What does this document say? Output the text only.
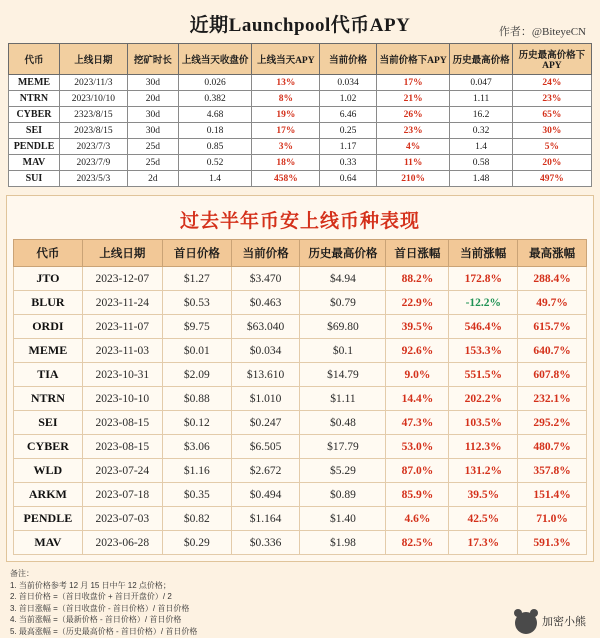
近期Launchpool代币APY	作者：@BiteyeCN
代币	上线日期	挖矿时长	上线当天收盘价	上线当天APY	当前价格	当前价格下APY	历史最高价格	历史最高价格下APY
MEME	2023/11/3	30d	0.026	13%	0.034	17%	0.047	24%
NTRN	2023/10/10	20d	0.382	8%	1.02	21%	1.11	23%
CYBER	2323/8/15	30d	4.68	19%	6.46	26%	16.2	65%
SEI	2023/8/15	30d	0.18	17%	0.25	23%	0.32	30%
PENDLE	2023/7/3	25d	0.85	3%	1.17	4%	1.4	5%
MAV	2023/7/9	25d	0.52	18%	0.33	11%	0.58	20%
SUI	2023/5/3	2d	1.4	458%	0.64	210%	1.48	497%
过去半年币安上线币种表现
代币	上线日期	首日价格	当前价格	历史最高价格	首日涨幅	当前涨幅	最高涨幅
JTO	2023-12-07	$1.27	$3.470	$4.94	88.2%	172.8%	288.4%
BLUR	2023-11-24	$0.53	$0.463	$0.79	22.9%	-12.2%	49.7%
ORDI	2023-11-07	$9.75	$63.040	$69.80	39.5%	546.4%	615.7%
MEME	2023-11-03	$0.01	$0.034	$0.1	92.6%	153.3%	640.7%
TIA	2023-10-31	$2.09	$13.610	$14.79	9.0%	551.5%	607.8%
NTRN	2023-10-10	$0.88	$1.010	$1.11	14.4%	202.2%	232.1%
SEI	2023-08-15	$0.12	$0.247	$0.48	47.3%	103.5%	295.2%
CYBER	2023-08-15	$3.06	$6.505	$17.79	53.0%	112.3%	480.7%
WLD	2023-07-24	$1.16	$2.672	$5.29	87.0%	131.2%	357.8%
ARKM	2023-07-18	$0.35	$0.494	$0.89	85.9%	39.5%	151.4%
PENDLE	2023-07-03	$0.82	$1.164	$1.40	4.6%	42.5%	71.0%
MAV	2023-06-28	$0.29	$0.336	$1.98	82.5%	17.3%	591.3%
备注：
1. 当前价格参考 12 月 15 日中午 12 点价格；
2. 首日价格 =（首日收盘价 + 首日开盘价）/ 2
3. 首日涨幅 =（首日收盘价 - 首日价格）/ 首日价格
4. 当前涨幅 =（最新价格 - 首日价格）/ 首日价格
5. 最高涨幅 =（历史最高价格 - 首日价格）/ 首日价格
加密小熊
